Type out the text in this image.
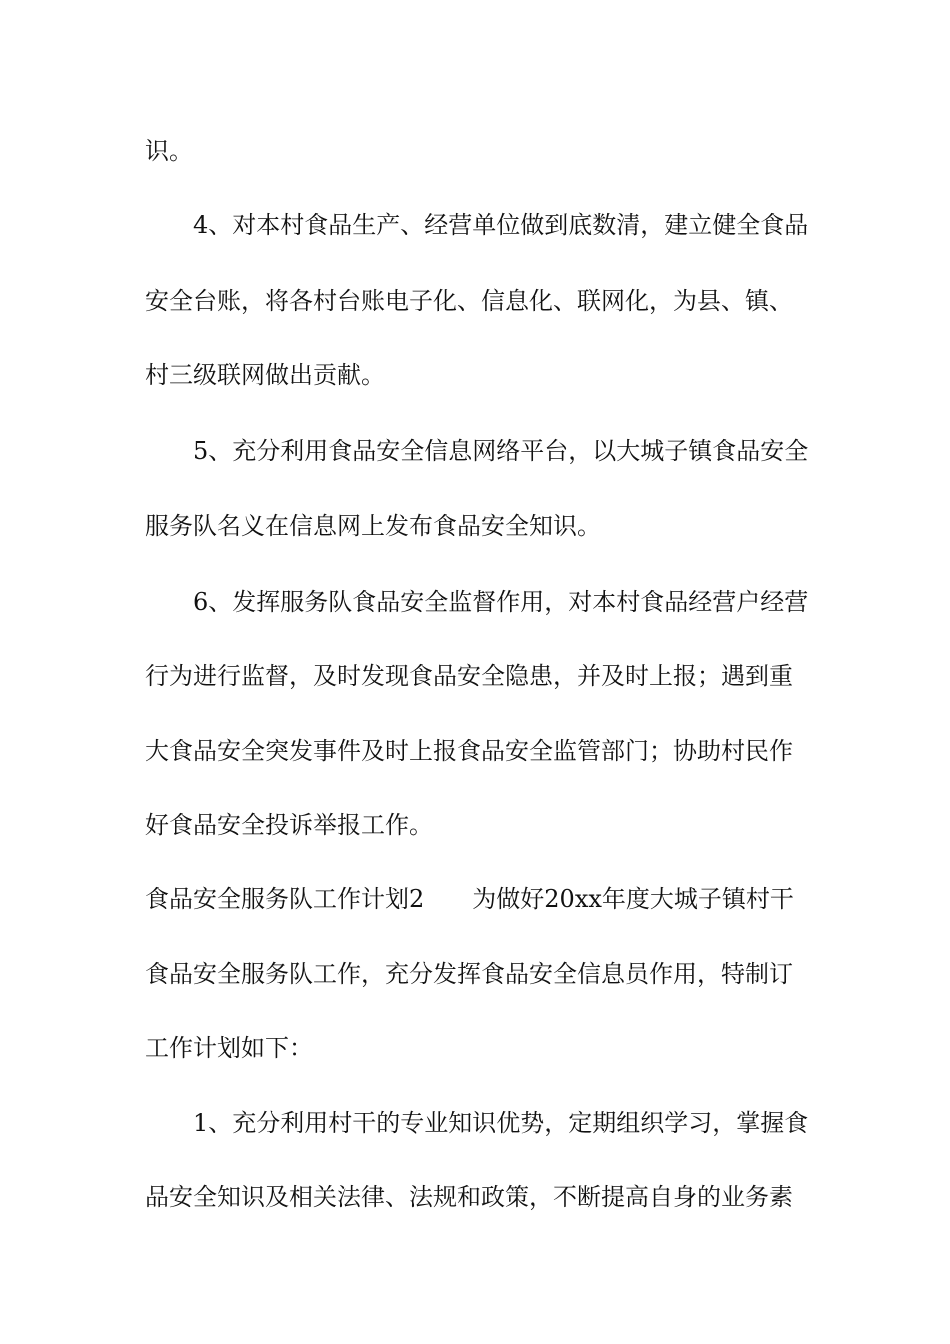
识。
4、对本村食品生产、经营单位做到底数清，建立健全食品
安全台账，将各村台账电子化、信息化、联网化，为县、镇、
村三级联网做出贡献。
5、充分利用食品安全信息网络平台，以大城子镇食品安全
服务队名义在信息网上发布食品安全知识。
6、发挥服务队食品安全监督作用，对本村食品经营户经营
行为进行监督，及时发现食品安全隐患，并及时上报；遇到重
大食品安全突发事件及时上报食品安全监管部门；协助村民作
好食品安全投诉举报工作。
食品安全服务队工作计划2 为做好20xx年度大城子镇村干
食品安全服务队工作，充分发挥食品安全信息员作用，特制订
工作计划如下：
1、充分利用村干的专业知识优势，定期组织学习，掌握食
品安全知识及相关法律、法规和政策，不断提高自身的业务素
